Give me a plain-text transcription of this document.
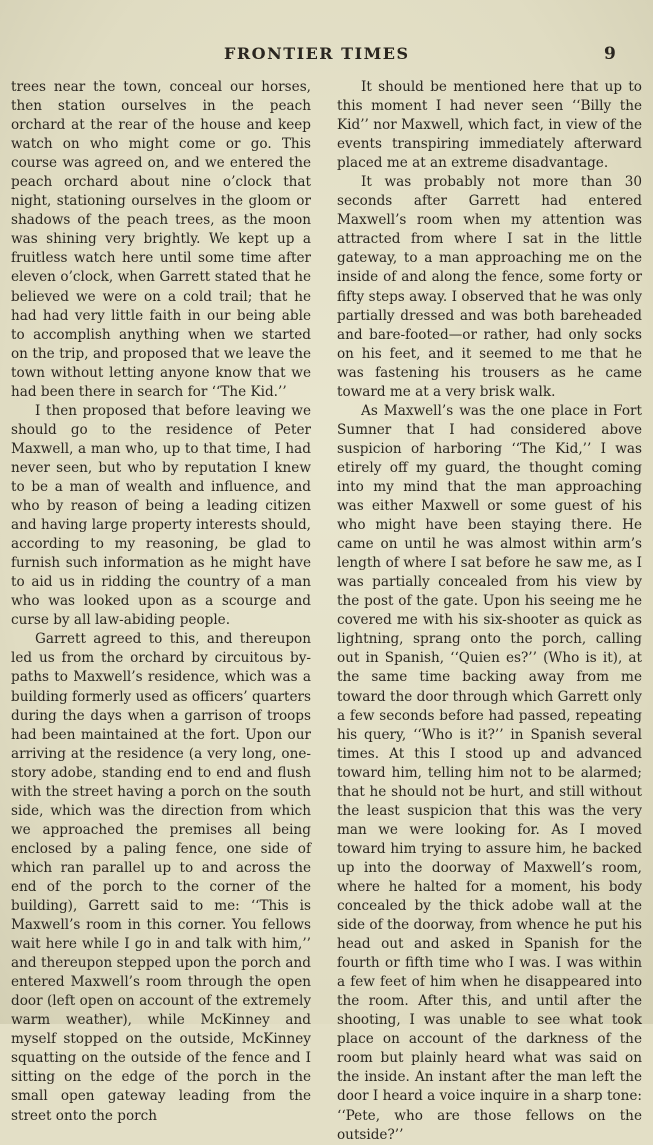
FRONTIER TIMES	9

trees near the town, conceal our horses, then station ourselves in the peach orchard at the rear of the house and keep watch on who might come or go. This course was agreed on, and we entered the peach orchard about nine o’clock that night, stationing ourselves in the gloom or shadows of the peach trees, as the moon was shining very brightly. We kept up a fruitless watch here until some time after eleven o’clock, when Garrett stated that he believed we were on a cold trail; that he had had very little faith in our being able to accomplish anything when we started on the trip, and proposed that we leave the town without letting anyone know that we had been there in search for ‘‘The Kid.’’

I then proposed that before leaving we should go to the residence of Peter Maxwell, a man who, up to that time, I had never seen, but who by reputation I knew to be a man of wealth and influence, and who by reason of being a leading citizen and having large property interests should, according to my reasoning, be glad to furnish such information as he might have to aid us in ridding the country of a man who was looked upon as a scourge and curse by all law-abiding people.

Garrett agreed to this, and thereupon led us from the orchard by circuitous by-paths to Maxwell’s residence, which was a building formerly used as officers’ quarters during the days when a garrison of troops had been maintained at the fort. Upon our arriving at the residence (a very long, one-story adobe, standing end to end and flush with the street having a porch on the south side, which was the direction from which we approached the premises all being enclosed by a paling fence, one side of which ran parallel up to and across the end of the porch to the corner of the building), Garrett said to me: ‘‘This is Maxwell’s room in this corner. You fellows wait here while I go in and talk with him,’’ and thereupon stepped upon the porch and entered Maxwell’s room through the open door (left open on account of the extremely warm weather), while McKinney and myself stopped on the outside, McKinney squatting on the outside of the fence and I sitting on the edge of the porch in the small open gateway leading from the street onto the porch

It should be mentioned here that up to this moment I had never seen ‘‘Billy the Kid’’ nor Maxwell, which fact, in view of the events transpiring immediately afterward placed me at an extreme disadvantage.

It was probably not more than 30 seconds after Garrett had entered Maxwell’s room when my attention was attracted from where I sat in the little gateway, to a man approaching me on the inside of and along the fence, some forty or fifty steps away. I observed that he was only partially dressed and was both bareheaded and bare-footed—or rather, had only socks on his feet, and it seemed to me that he was fastening his trousers as he came toward me at a very brisk walk.

As Maxwell’s was the one place in Fort Sumner that I had considered above suspicion of harboring ‘‘The Kid,’’ I was etirely off my guard, the thought coming into my mind that the man approaching was either Maxwell or some guest of his who might have been staying there. He came on until he was almost within arm’s length of where I sat before he saw me, as I was partially concealed from his view by the post of the gate. Upon his seeing me he covered me with his six-shooter as quick as lightning, sprang onto the porch, calling out in Spanish, ‘‘Quien es?’’ (Who is it), at the same time backing away from me toward the door through which Garrett only a few seconds before had passed, repeating his query, ‘‘Who is it?’’ in Spanish several times. At this I stood up and advanced toward him, telling him not to be alarmed; that he should not be hurt, and still without the least suspicion that this was the very man we were looking for. As I moved toward him trying to assure him, he backed up into the doorway of Maxwell’s room, where he halted for a moment, his body concealed by the thick adobe wall at the side of the doorway, from whence he put his head out and asked in Spanish for the fourth or fifth time who I was. I was within a few feet of him when he disappeared into the room. After this, and until after the shooting, I was unable to see what took place on account of the darkness of the room but plainly heard what was said on the inside. An instant after the man left the door I heard a voice inquire in a sharp tone: ‘‘Pete, who are those fellows on the outside?’’
